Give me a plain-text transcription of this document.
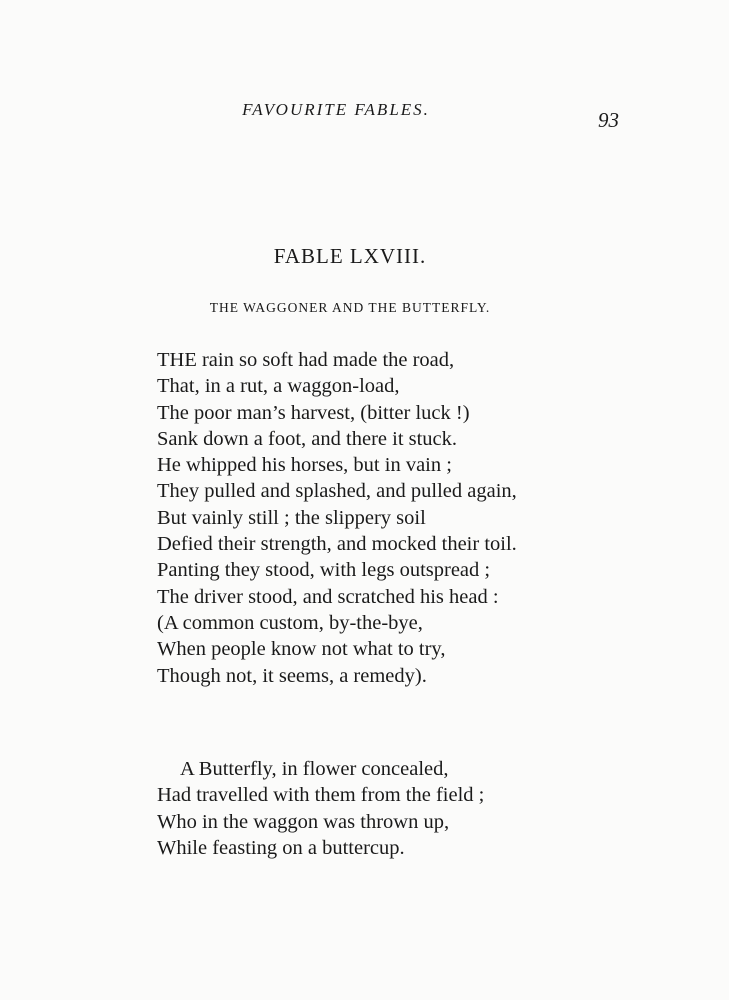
FAVOURITE FABLES.	93
FABLE LXVIII.
THE WAGGONER AND THE BUTTERFLY.
THE rain so soft had made the road,
That, in a rut, a waggon-load,
The poor man’s harvest, (bitter luck !)
Sank down a foot, and there it stuck.
He whipped his horses, but in vain ;
They pulled and splashed, and pulled again,
But vainly still ; the slippery soil
Defied their strength, and mocked their toil.
Panting they stood, with legs outspread ;
The driver stood, and scratched his head :
(A common custom, by-the-bye,
When people know not what to try,
Though not, it seems, a remedy).
A Butterfly, in flower concealed,
Had travelled with them from the field ;
Who in the waggon was thrown up,
While feasting on a buttercup.
